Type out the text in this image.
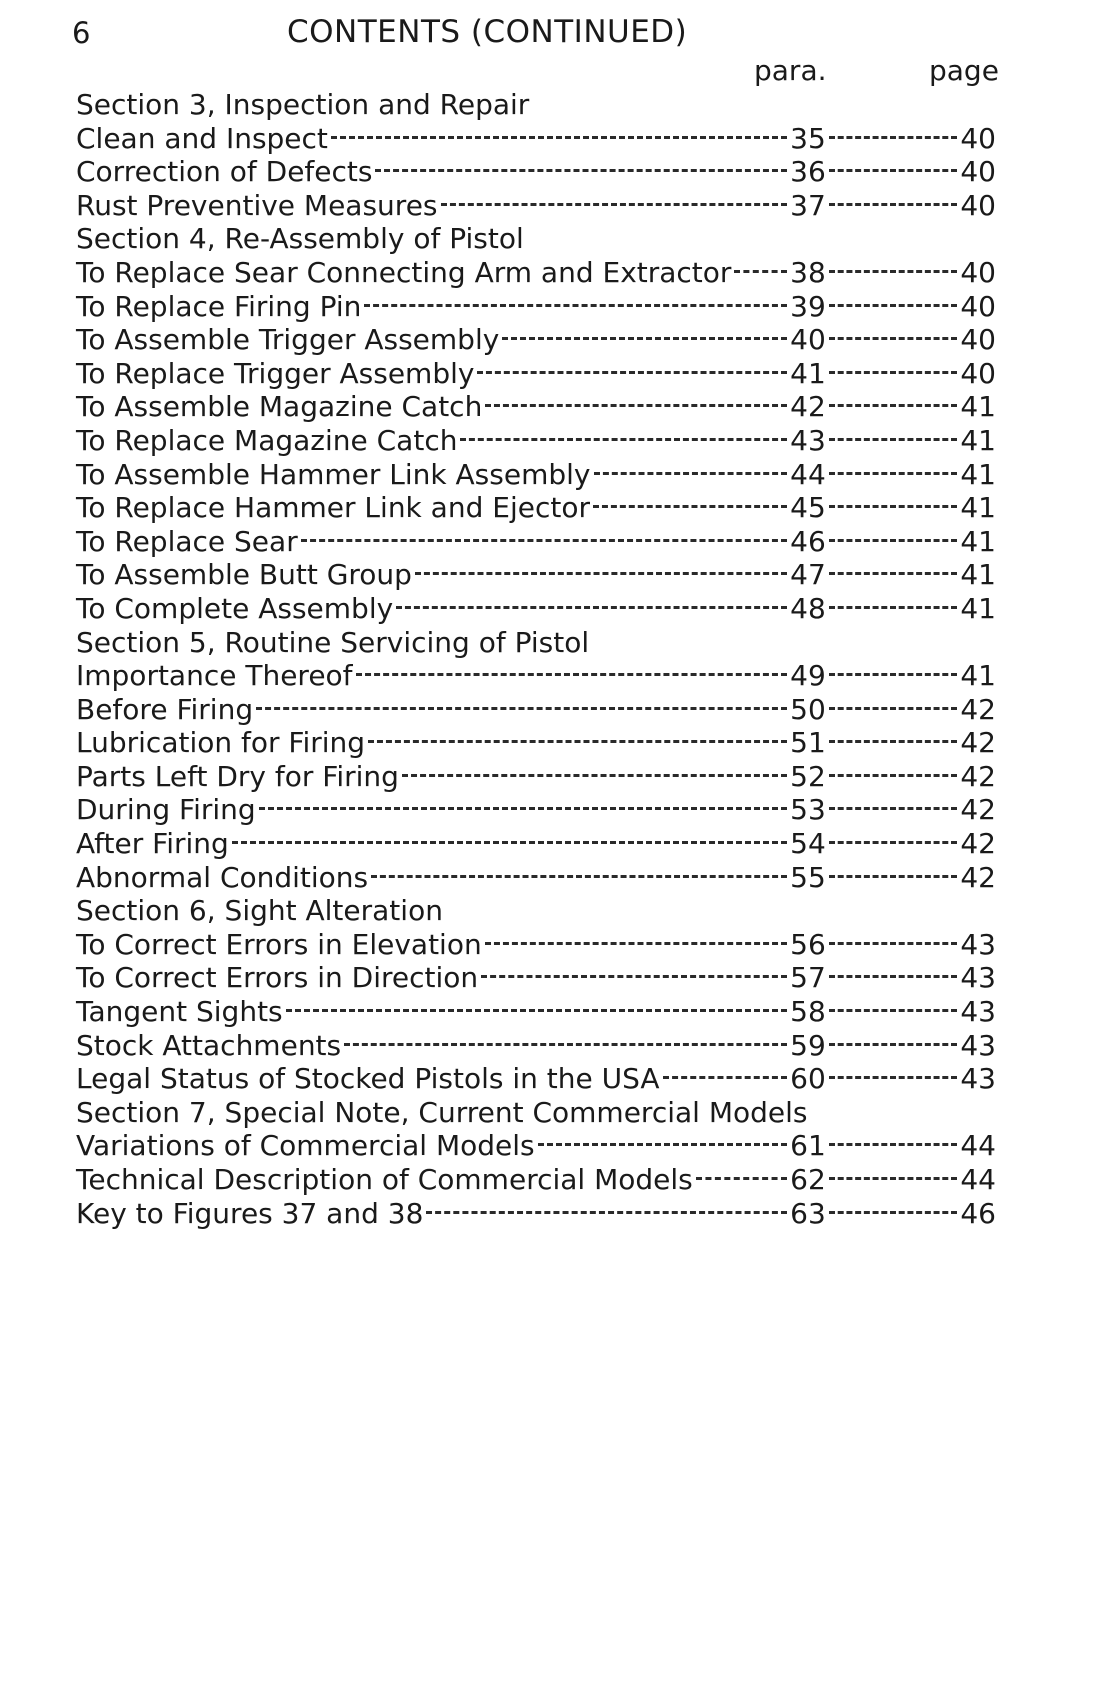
6	CONTENTS (CONTINUED)
para.	page
Section 3, Inspection and Repair
Clean and Inspect	35	40
Correction of Defects	36	40
Rust Preventive Measures	37	40
Section 4, Re-Assembly of Pistol
To Replace Sear Connecting Arm and Extractor 38	40
To Replace Firing Pin	39	40
To Assemble Trigger Assembly	40	40
To Replace Trigger Assembly	41	40
To Assemble Magazine Catch	42	41
To Replace Magazine Catch	43	41
To Assemble Hammer Link Assembly	44	41
To Replace Hammer Link and Ejector	45	41
To Replace Sear	46	41
To Assemble Butt Group	47	41
To Complete Assembly	48	41
Section 5, Routine Servicing of Pistol
Importance Thereof	49	41
Before Firing	50	42
Lubrication for Firing	51	42
Parts Left Dry for Firing	52	42
During Firing	53	42
After Firing	54	42
Abnormal Conditions	55	42
Section 6, Sight Alteration
To Correct Errors in Elevation	56	43
To Correct Errors in Direction	57	43
Tangent Sights	58	43
Stock Attachments	59	43
Legal Status of Stocked Pistols in the USA	60	43
Section 7, Special Note, Current Commercial Models
Variations of Commercial Models	61	44
Technical Description of Commercial Models	62	44
Key to Figures 37 and 38	63	46
